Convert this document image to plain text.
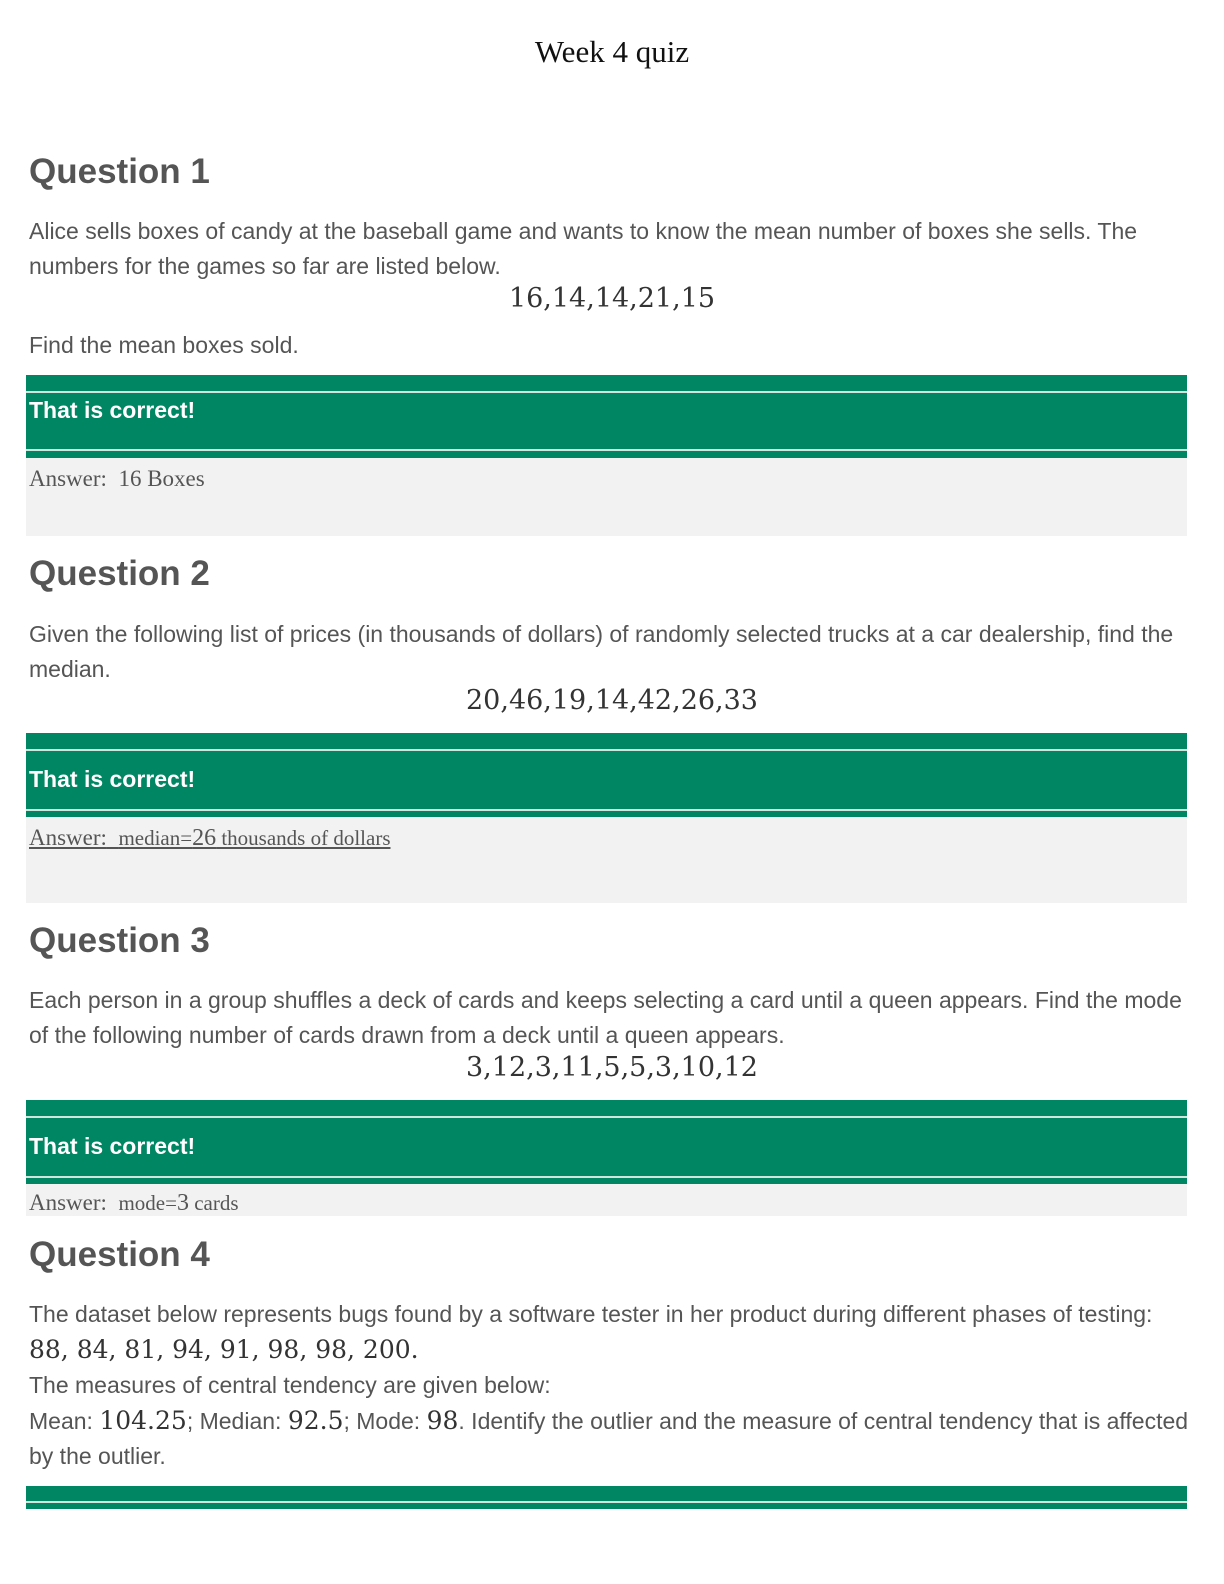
Week 4 quiz
Question 1

Alice sells boxes of candy at the baseball game and wants to know the mean number of boxes she sells. The numbers for the games so far are listed below.

16,14,14,21,15

Find the mean boxes sold.

That is correct!
Answer: 16 Boxes
Question 2

Given the following list of prices (in thousands of dollars) of randomly selected trucks at a car dealership, find the median.

20,46,19,14,42,26,33
That is correct!
Answer: median=26 thousands of dollars
Question 3

Each person in a group shuffles a deck of cards and keeps selecting a card until a queen appears. Find the mode of the following number of cards drawn from a deck until a queen appears.

3,12,3,11,5,5,3,10,12
That is correct!
Answer: mode=3 cards
Question 4

The dataset below represents bugs found by a software tester in her product during different phases of testing: 88, 84, 81, 94, 91, 98, 98, 200.

The measures of central tendency are given below:

Mean: 104.25; Median: 92.5; Mode: 98. Identify the outlier and the measure of central tendency that is affected by the outlier.
